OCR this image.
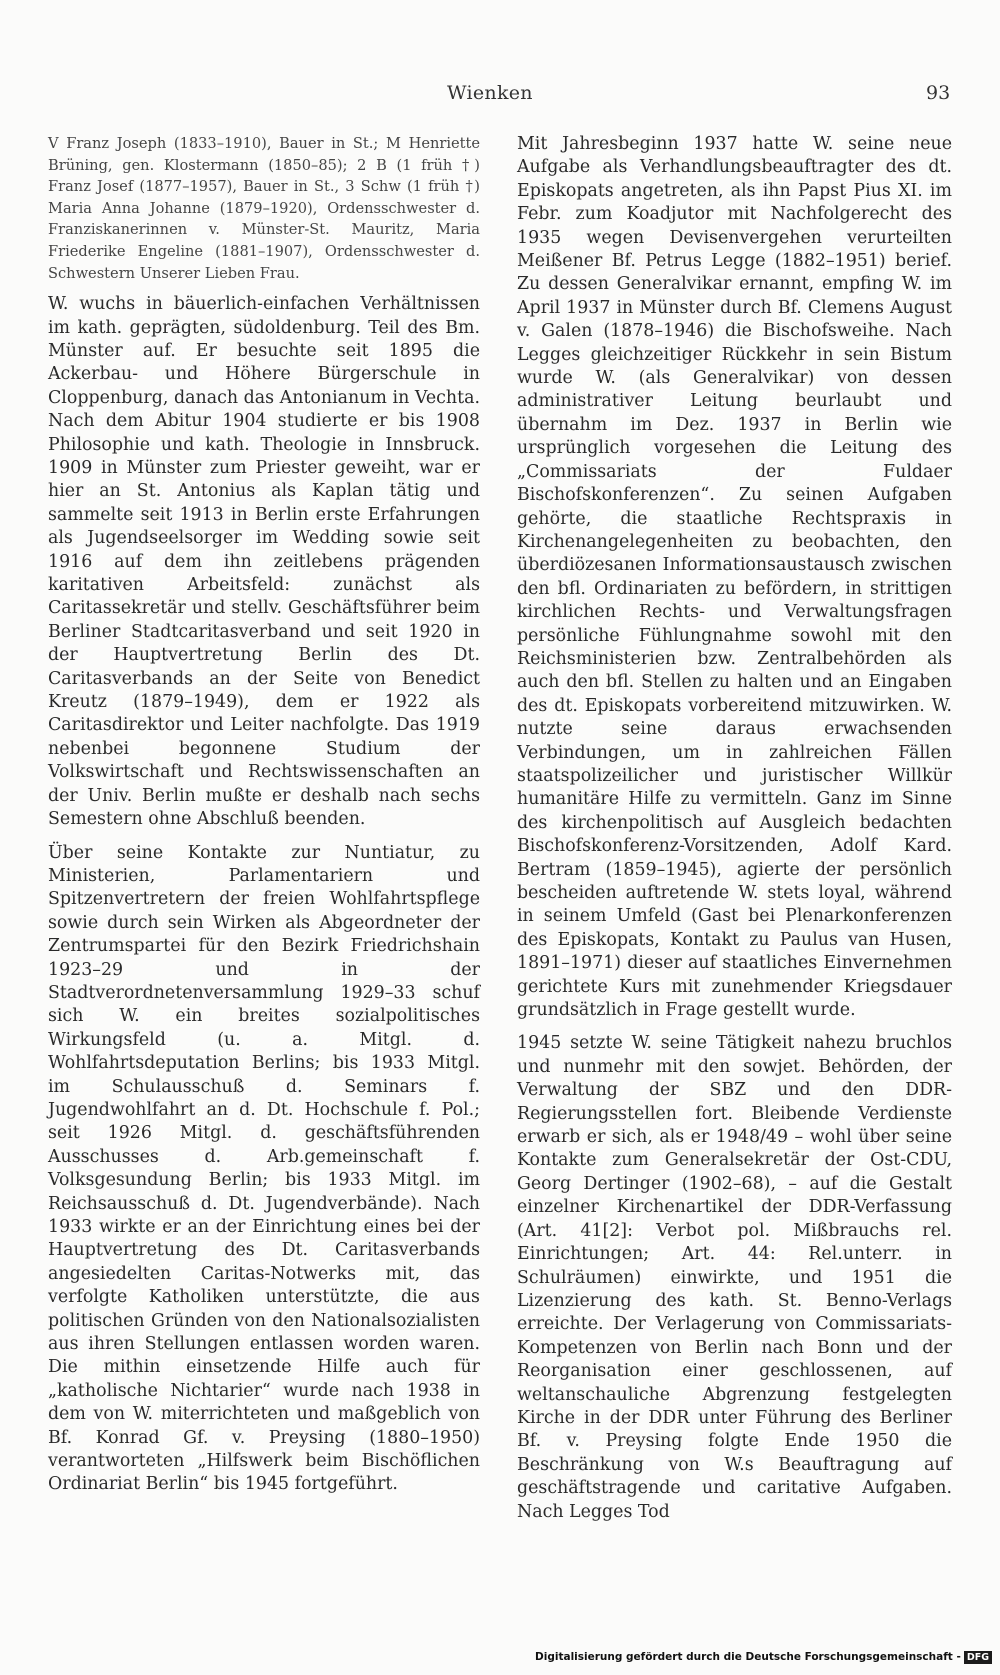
Wienken	93

V Franz Joseph (1833–1910), Bauer in St.; M Henriette Brüning, gen. Klostermann (1850–85); 2 B (1 früh †) Franz Josef (1877–1957), Bauer in St., 3 Schw (1 früh †) Maria Anna Johanne (1879–1920), Ordensschwester d. Franziskanerinnen v. Münster-St. Mauritz, Maria Friederike Engeline (1881–1907), Ordensschwester d. Schwestern Unserer Lieben Frau.

W. wuchs in bäuerlich-einfachen Verhältnissen im kath. geprägten, südoldenburg. Teil des Bm. Münster auf. Er besuchte seit 1895 die Ackerbau- und Höhere Bürgerschule in Cloppenburg, danach das Antonianum in Vechta. Nach dem Abitur 1904 studierte er bis 1908 Philosophie und kath. Theologie in Innsbruck. 1909 in Münster zum Priester geweiht, war er hier an St. Antonius als Kaplan tätig und sammelte seit 1913 in Berlin erste Erfahrungen als Jugendseelsorger im Wedding sowie seit 1916 auf dem ihn zeitlebens prägenden karitativen Arbeitsfeld: zunächst als Caritassekretär und stellv. Geschäftsführer beim Berliner Stadtcaritasverband und seit 1920 in der Hauptvertretung Berlin des Dt. Caritasverbands an der Seite von Benedict Kreutz (1879–1949), dem er 1922 als Caritasdirektor und Leiter nachfolgte. Das 1919 nebenbei begonnene Studium der Volkswirtschaft und Rechtswissenschaften an der Univ. Berlin mußte er deshalb nach sechs Semestern ohne Abschluß beenden.

Über seine Kontakte zur Nuntiatur, zu Ministerien, Parlamentariern und Spitzenvertretern der freien Wohlfahrtspflege sowie durch sein Wirken als Abgeordneter der Zentrumspartei für den Bezirk Friedrichshain 1923–29 und in der Stadtverordnetenversammlung 1929–33 schuf sich W. ein breites sozialpolitisches Wirkungsfeld (u. a. Mitgl. d. Wohlfahrtsdeputation Berlins; bis 1933 Mitgl. im Schulausschuß d. Seminars f. Jugendwohlfahrt an d. Dt. Hochschule f. Pol.; seit 1926 Mitgl. d. geschäftsführenden Ausschusses d. Arb.gemeinschaft f. Volksgesundung Berlin; bis 1933 Mitgl. im Reichsausschuß d. Dt. Jugendverbände). Nach 1933 wirkte er an der Einrichtung eines bei der Hauptvertretung des Dt. Caritasverbands angesiedelten Caritas-Notwerks mit, das verfolgte Katholiken unterstützte, die aus politischen Gründen von den Nationalsozialisten aus ihren Stellungen entlassen worden waren. Die mithin einsetzende Hilfe auch für „katholische Nichtarier“ wurde nach 1938 in dem von W. miterrichteten und maßgeblich von Bf. Konrad Gf. v. Preysing (1880–1950) verantworteten „Hilfswerk beim Bischöflichen Ordinariat Berlin“ bis 1945 fortgeführt.

Mit Jahresbeginn 1937 hatte W. seine neue Aufgabe als Verhandlungsbeauftragter des dt. Episkopats angetreten, als ihn Papst Pius XI. im Febr. zum Koadjutor mit Nachfolgerecht des 1935 wegen Devisenvergehen verurteilten Meißener Bf. Petrus Legge (1882–1951) berief. Zu dessen Generalvikar ernannt, empfing W. im April 1937 in Münster durch Bf. Clemens August v. Galen (1878–1946) die Bischofsweihe. Nach Legges gleichzeitiger Rückkehr in sein Bistum wurde W. (als Generalvikar) von dessen administrativer Leitung beurlaubt und übernahm im Dez. 1937 in Berlin wie ursprünglich vorgesehen die Leitung des „Commissariats der Fuldaer Bischofskonferenzen“. Zu seinen Aufgaben gehörte, die staatliche Rechtspraxis in Kirchenangelegenheiten zu beobachten, den überdiözesanen Informationsaustausch zwischen den bfl. Ordinariaten zu befördern, in strittigen kirchlichen Rechts- und Verwaltungsfragen persönliche Fühlungnahme sowohl mit den Reichsministerien bzw. Zentralbehörden als auch den bfl. Stellen zu halten und an Eingaben des dt. Episkopats vorbereitend mitzuwirken. W. nutzte seine daraus erwachsenden Verbindungen, um in zahlreichen Fällen staatspolizeilicher und juristischer Willkür humanitäre Hilfe zu vermitteln. Ganz im Sinne des kirchenpolitisch auf Ausgleich bedachten Bischofskonferenz-Vorsitzenden, Adolf Kard. Bertram (1859–1945), agierte der persönlich bescheiden auftretende W. stets loyal, während in seinem Umfeld (Gast bei Plenarkonferenzen des Episkopats, Kontakt zu Paulus van Husen, 1891–1971) dieser auf staatliches Einvernehmen gerichtete Kurs mit zunehmender Kriegsdauer grundsätzlich in Frage gestellt wurde.

1945 setzte W. seine Tätigkeit nahezu bruchlos und nunmehr mit den sowjet. Behörden, der Verwaltung der SBZ und den DDR-Regierungsstellen fort. Bleibende Verdienste erwarb er sich, als er 1948/49 – wohl über seine Kontakte zum Generalsekretär der Ost-CDU, Georg Dertinger (1902–68), – auf die Gestalt einzelner Kirchenartikel der DDR-Verfassung (Art. 41[2]: Verbot pol. Mißbrauchs rel. Einrichtungen; Art. 44: Rel.unterr. in Schulräumen) einwirkte, und 1951 die Lizenzierung des kath. St. Benno-Verlags erreichte. Der Verlagerung von Commissariats-Kompetenzen von Berlin nach Bonn und der Reorganisation einer geschlossenen, auf weltanschauliche Abgrenzung festgelegten Kirche in der DDR unter Führung des Berliner Bf. v. Preysing folgte Ende 1950 die Beschränkung von W.s Beauftragung auf geschäftstragende und caritative Aufgaben. Nach Legges Tod

Digitalisierung gefördert durch die Deutsche Forschungsgemeinschaft - DFG
